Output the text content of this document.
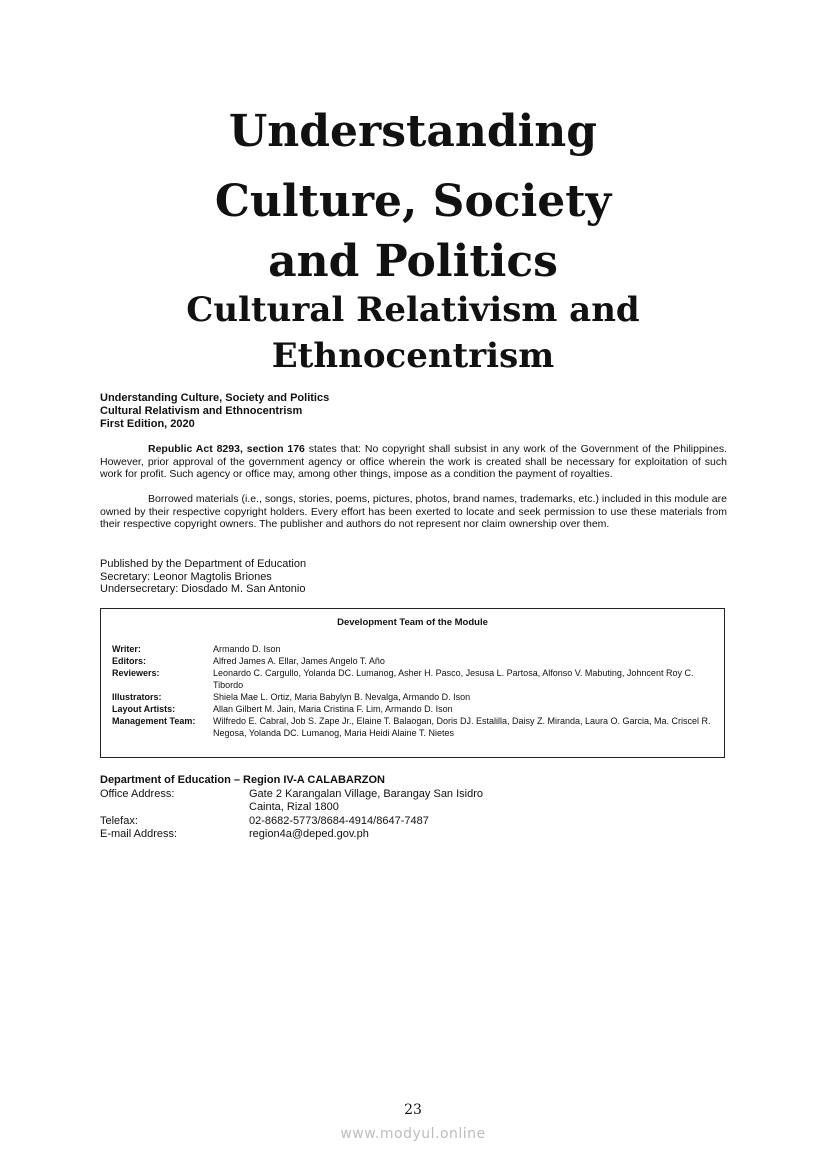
Understanding
Culture, Society
and Politics
Cultural Relativism and
Ethnocentrism
Understanding Culture, Society and Politics
Cultural Relativism and Ethnocentrism
First Edition, 2020
Republic Act 8293, section 176 states that: No copyright shall subsist in any work of the Government of the Philippines. However, prior approval of the government agency or office wherein the work is created shall be necessary for exploitation of such work for profit. Such agency or office may, among other things, impose as a condition the payment of royalties.
Borrowed materials (i.e., songs, stories, poems, pictures, photos, brand names, trademarks, etc.) included in this module are owned by their respective copyright holders. Every effort has been exerted to locate and seek permission to use these materials from their respective copyright owners. The publisher and authors do not represent nor claim ownership over them.
Published by the Department of Education
Secretary: Leonor Magtolis Briones
Undersecretary: Diosdado M. San Antonio
Development Team of the Module
Writer:	Armando D. Ison
Editors:	Alfred James A. Ellar, James Angelo T. Año
Reviewers:	Leonardo C. Cargullo, Yolanda DC. Lumanog, Asher H. Pasco, Jesusa L. Partosa, Alfonso V. Mabuting, Johncent Roy C. Tibordo
Illustrators:	Shiela Mae L. Ortiz, Maria Babylyn B. Nevalga, Armando D. Ison
Layout Artists:	Allan Gilbert M. Jain, Maria Cristina F. Lim, Armando D. Ison
Management Team:	Wilfredo E. Cabral, Job S. Zape Jr., Elaine T. Balaogan, Doris DJ. Estalilla, Daisy Z. Miranda, Laura O. Garcia, Ma. Criscel R. Negosa, Yolanda DC. Lumanog, Maria Heidi Alaine T. Nietes
Department of Education – Region IV-A CALABARZON
Office Address:	Gate 2 Karangalan Village, Barangay San Isidro
Cainta, Rizal 1800
Telefax:	02-8682-5773/8684-4914/8647-7487
E-mail Address:	region4a@deped.gov.ph
23
www.modyul.online
